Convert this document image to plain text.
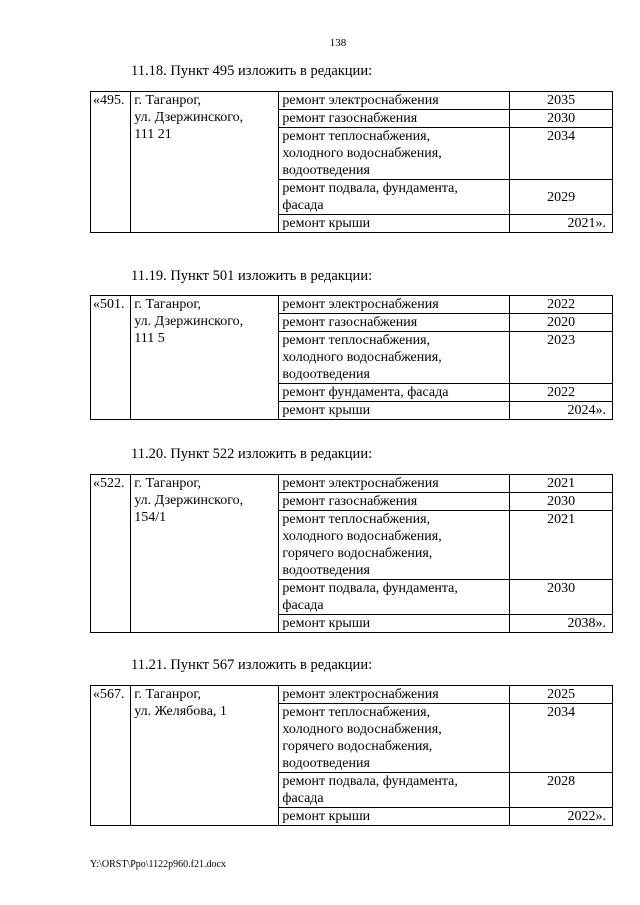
138
11.18. Пункт 495 изложить в редакции:
«495.	г. Таганрог,
ул. Дзержинского,
111 21	ремонт электроснабжения	2035

		ремонт газоснабжения	2030

		ремонт теплоснабжения,
холодного водоснабжения,
водоотведения	2034

		ремонт подвала, фундамента,
фасада	2029

		ремонт крыши	2021».
11.19. Пункт 501 изложить в редакции:
«501.	г. Таганрог,
ул. Дзержинского,
111 5	ремонт электроснабжения	2022

		ремонт газоснабжения	2020

		ремонт теплоснабжения,
холодного водоснабжения,
водоотведения	2023

		ремонт фундамента, фасада	2022

		ремонт крыши	2024».
11.20. Пункт 522 изложить в редакции:
«522.	г. Таганрог,
ул. Дзержинского,
154/1	ремонт электроснабжения	2021

		ремонт газоснабжения	2030

		ремонт теплоснабжения,
холодного водоснабжения,
горячего водоснабжения,
водоотведения	2021

		ремонт подвала, фундамента,
фасада	2030

		ремонт крыши	2038».
11.21. Пункт 567 изложить в редакции:
«567.	г. Таганрог,
ул. Желябова, 1	ремонт электроснабжения	2025

		ремонт теплоснабжения,
холодного водоснабжения,
горячего водоснабжения,
водоотведения	2034

		ремонт подвала, фундамента,
фасада	2028

		ремонт крыши	2022».
Y:\ORST\Ppo\1122p960.f21.docx
